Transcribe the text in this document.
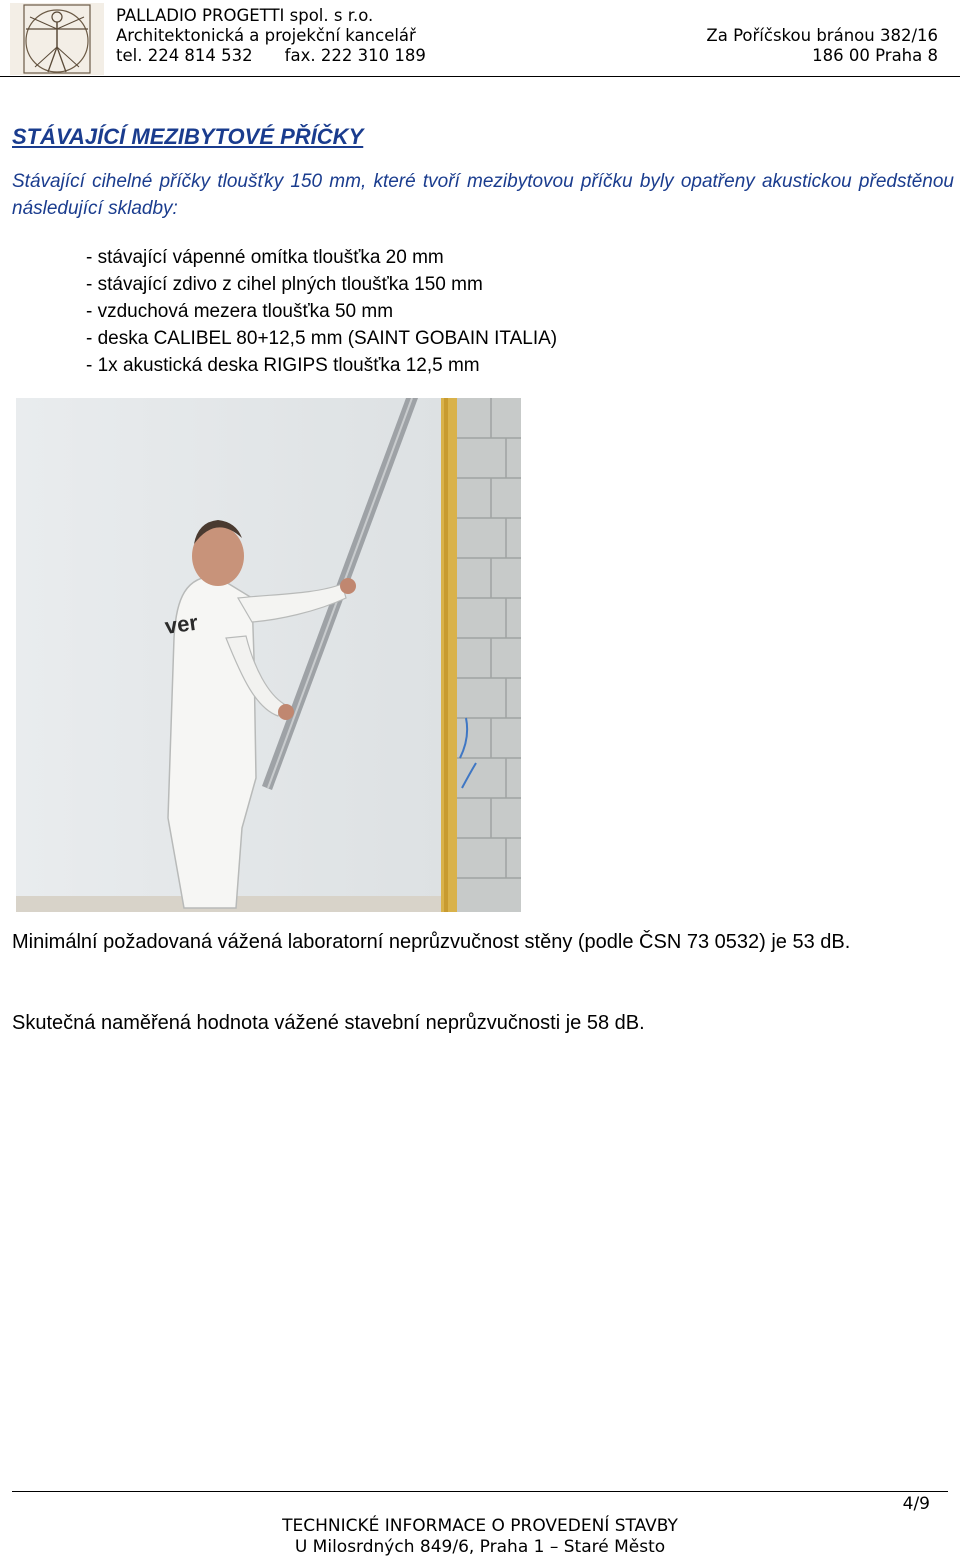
PALLADIO PROGETTI spol. s r.o.
Architektonická a projekční kancelář
tel. 224 814 532 fax. 222 310 189
Za Poříčskou bránou 382/16
186 00 Praha 8
STÁVAJÍCÍ MEZIBYTOVÉ PŘÍČKY
Stávající cihelné příčky tloušťky 150 mm, které tvoří mezibytovou příčku byly opatřeny akustickou předstěnou následující skladby:
- stávající vápenné omítka tloušťka 20 mm
- stávající zdivo z cihel plných tloušťka 150 mm
- vzduchová mezera tloušťka 50 mm
- deska CALIBEL 80+12,5 mm (SAINT GOBAIN ITALIA)
- 1x akustická deska RIGIPS tloušťka 12,5 mm
ver
Minimální požadovaná vážená laboratorní neprůzvučnost stěny (podle ČSN 73 0532) je 53 dB.
Skutečná naměřená hodnota vážené stavební neprůzvučnosti je 58 dB.
4/9
TECHNICKÉ INFORMACE O PROVEDENÍ STAVBY
U Milosrdných 849/6, Praha 1 – Staré Město
